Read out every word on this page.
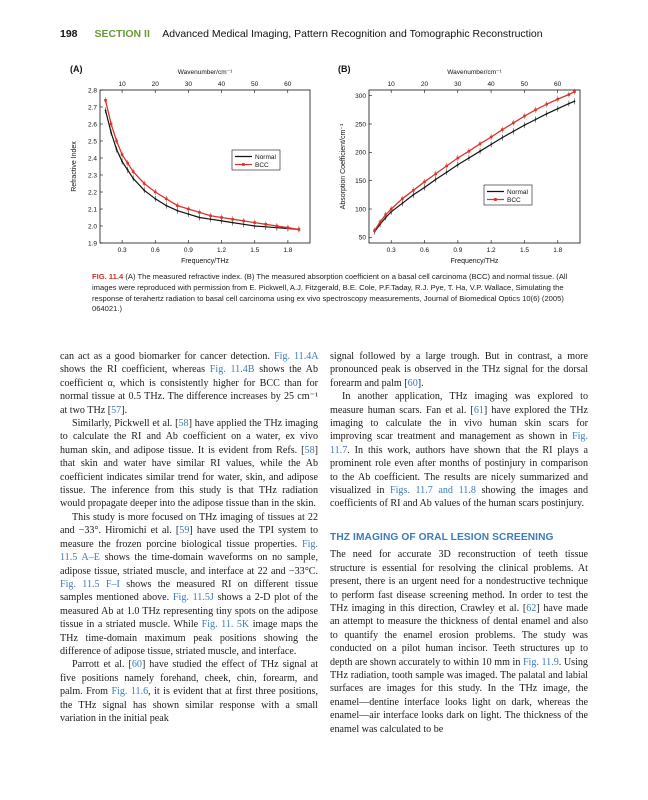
198 SECTION II Advanced Medical Imaging, Pattern Recognition and Tomographic Reconstruction
(A)	Wavenumber/cm⁻¹
10	20	30	40	50	60
0.3	0.6	0.9	1.2	1.5	1.8
Frequency/THz
1.9
2.0
2.1
2.2
2.3
2.4
2.5
2.6
2.7
2.8
Refractive Index	Normal
BCC
(B)	Wavenumber/cm⁻¹
10	20	30	40	50	60
0.3	0.6	0.9	1.2	1.5	1.8
Frequency/THz
50
100
150
200
250
300
Absorption Coefficient/cm⁻¹	Normal
BCC
FIG. 11.4 (A) The measured refractive index. (B) The measured absorption coefficient on a basal cell carcinoma (BCC) and normal tissue. (All images were reproduced with permission from E. Pickwell, A.J. Fitzgerald, B.E. Cole, P.F.Taday, R.J. Pye, T. Ha, V.P. Wallace, Simulating the response of terahertz radiation to basal cell carcinoma using ex vivo spectroscopy measurements, Journal of Biomedical Optics 10(6) (2005) 064021.)

can act as a good biomarker for cancer detection. Fig. 11.4A shows the RI coefficient, whereas Fig. 11.4B shows the Ab coefficient α, which is consistently higher for BCC than for normal tissue at 0.5 THz. The difference increases by 25 cm⁻¹ at two THz [57].

Similarly, Pickwell et al. [58] have applied the THz imaging to calculate the RI and Ab coefficient on a water, ex vivo human skin, and adipose tissue. It is evident from Refs. [58] that skin and water have similar RI values, while the Ab coefficient indicates similar trend for water, skin, and adipose tissue. The inference from this study is that THz radiation would propagate deeper into the adipose tissue than in the skin.

This study is more focused on THz imaging of tissues at 22 and −33°. Hiromichi et al. [59] have used the TPI system to measure the frozen porcine biological tissue properties. Fig. 11.5 A–E shows the time-domain waveforms on no sample, adipose tissue, striated muscle, and interface at 22 and −33°C. Fig. 11.5 F–I shows the measured RI on different tissue samples mentioned above. Fig. 11.5J shows a 2-D plot of the measured Ab at 1.0 THz representing tiny spots on the adipose tissue in a striated muscle. While Fig. 11. 5K image maps the THz time-domain maximum peak positions showing the difference of adipose tissue, striated muscle, and interface.

Parrott et al. [60] have studied the effect of THz signal at five positions namely forehand, cheek, chin, forearm, and palm. From Fig. 11.6, it is evident that at first three positions, the THz signal has shown similar response with a small variation in the initial peak

signal followed by a large trough. But in contrast, a more pronounced peak is observed in the THz signal for the dorsal forearm and palm [60].

In another application, THz imaging was explored to measure human scars. Fan et al. [61] have explored the THz imaging to calculate the in vivo human skin scars for improving scar treatment and management as shown in Fig. 11.7. In this work, authors have shown that the RI plays a prominent role even after months of postinjury in comparison to the Ab coefficient. The results are nicely summarized and visualized in Figs. 11.7 and 11.8 showing the images and coefficients of RI and Ab values of the human scars postinjury.

THZ IMAGING OF ORAL LESION SCREENING

The need for accurate 3D reconstruction of teeth tissue structure is essential for resolving the clinical problems. At present, there is an urgent need for a nondestructive technique to perform fast disease screening method. In order to test the THz imaging in this direction, Crawley et al. [62] have made an attempt to measure the thickness of dental enamel and also to quantify the enamel erosion problems. The study was conducted on a pilot human incisor. Teeth structures up to depth are shown accurately to within 10 mm in Fig. 11.9. Using THz radiation, tooth sample was imaged. The palatal and labial surfaces are images for this study. In the THz image, the enamel—dentine interface looks light on dark, whereas the enamel—air interface looks dark on light. The thickness of the enamel was calculated to be
